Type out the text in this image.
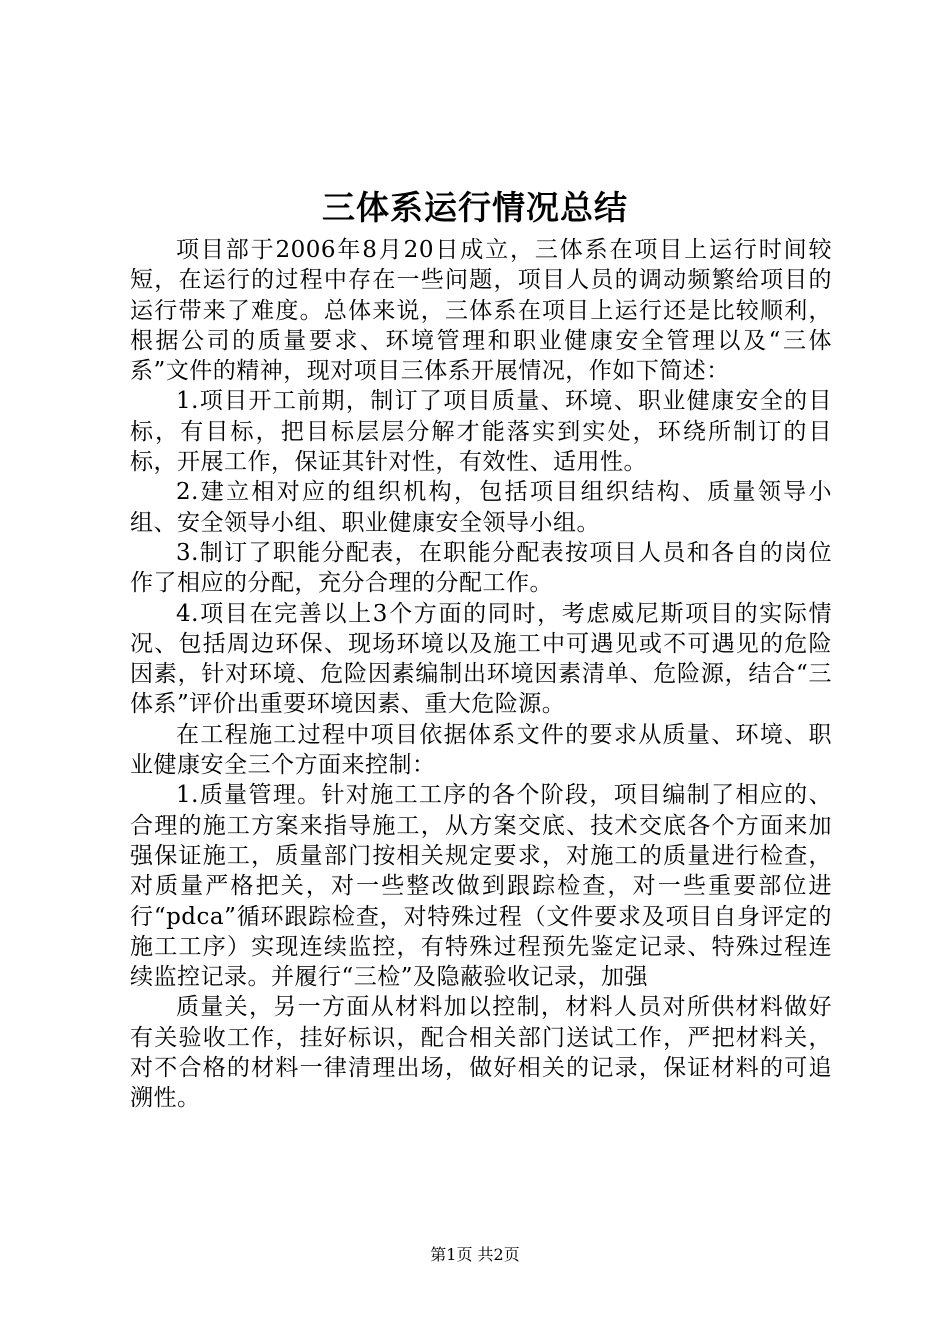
三体系运行情况总结

项目部于2006年8月20日成立，三体系在项目上运行时间较短，在运行的过程中存在一些问题，项目人员的调动频繁给项目的运行带来了难度。总体来说，三体系在项目上运行还是比较顺利，根据公司的质量要求、环境管理和职业健康安全管理以及“三体系”文件的精神，现对项目三体系开展情况，作如下简述：

1.项目开工前期，制订了项目质量、环境、职业健康安全的目标，有目标，把目标层层分解才能落实到实处，环绕所制订的目标，开展工作，保证其针对性，有效性、适用性。

2.建立相对应的组织机构，包括项目组织结构、质量领导小组、安全领导小组、职业健康安全领导小组。

3.制订了职能分配表，在职能分配表按项目人员和各自的岗位作了相应的分配，充分合理的分配工作。

4.项目在完善以上3个方面的同时，考虑威尼斯项目的实际情况、包括周边环保、现场环境以及施工中可遇见或不可遇见的危险因素，针对环境、危险因素编制出环境因素清单、危险源，结合“三体系”评价出重要环境因素、重大危险源。

在工程施工过程中项目依据体系文件的要求从质量、环境、职业健康安全三个方面来控制：

1.质量管理。针对施工工序的各个阶段，项目编制了相应的、合理的施工方案来指导施工，从方案交底、技术交底各个方面来加强保证施工，质量部门按相关规定要求，对施工的质量进行检查，对质量严格把关，对一些整改做到跟踪检查，对一些重要部位进行“pdca”循环跟踪检查，对特殊过程（文件要求及项目自身评定的施工工序）实现连续监控，有特殊过程预先鉴定记录、特殊过程连续监控记录。并履行“三检”及隐蔽验收记录，加强

质量关，另一方面从材料加以控制，材料人员对所供材料做好有关验收工作，挂好标识，配合相关部门送试工作，严把材料关，对不合格的材料一律清理出场，做好相关的记录，保证材料的可追溯性。

第1页 共2页
